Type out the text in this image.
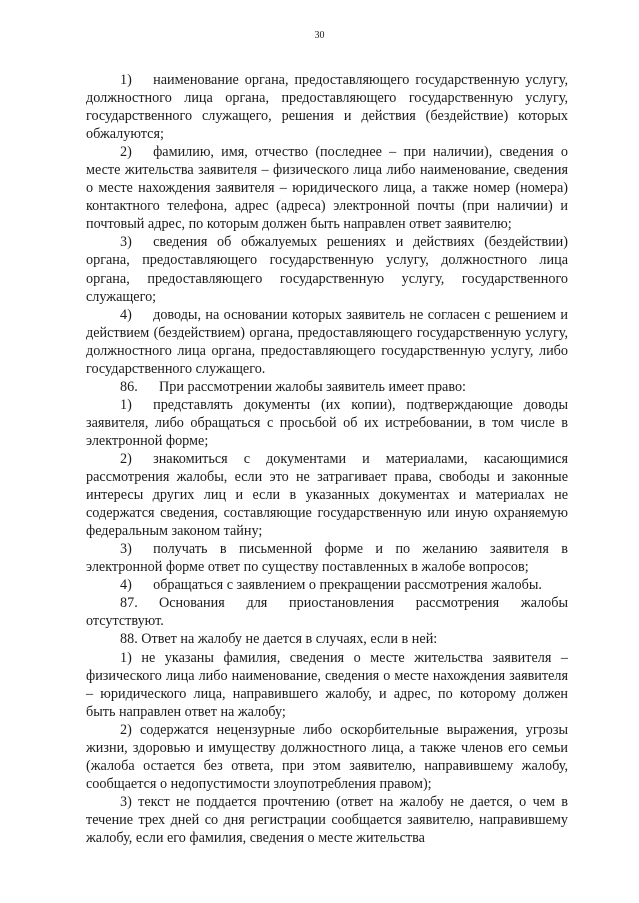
30

1)  наименование органа, предоставляющего государственную услугу, должностного лица органа, предоставляющего государственную услугу, государственного служащего, решения и действия (бездействие) которых обжалуются;

2)  фамилию, имя, отчество (последнее – при наличии), сведения о месте жительства заявителя – физического лица либо наименование, сведения о месте нахождения заявителя – юридического лица, а также номер (номера) контактного телефона, адрес (адреса) электронной почты (при наличии) и почтовый адрес, по которым должен быть направлен ответ заявителю;

3)  сведения об обжалуемых решениях и действиях (бездействии) органа, предоставляющего государственную услугу, должностного лица органа, предоставляющего государственную услугу, государственного служащего;

4)  доводы, на основании которых заявитель не согласен с решением и действием (бездействием) органа, предоставляющего государственную услугу, должностного лица органа, предоставляющего государственную услугу, либо государственного служащего.

86.  При рассмотрении жалобы заявитель имеет право:

1)  представлять документы (их копии), подтверждающие доводы заявителя, либо обращаться с просьбой об их истребовании, в том числе в электронной форме;

2)  знакомиться с документами и материалами, касающимися рассмотрения жалобы, если это не затрагивает права, свободы и законные интересы других лиц и если в указанных документах и материалах не содержатся сведения, составляющие государственную или иную охраняемую федеральным законом тайну;

3)  получать в письменной форме и по желанию заявителя в электронной форме ответ по существу поставленных в жалобе вопросов;

4)  обращаться с заявлением о прекращении рассмотрения жалобы.

87.  Основания для приостановления рассмотрения жалобы отсутствуют.

88. Ответ на жалобу не дается в случаях, если в ней:

1) не указаны фамилия, сведения о месте жительства заявителя – физического лица либо наименование, сведения о месте нахождения заявителя – юридического лица, направившего жалобу, и адрес, по которому должен быть направлен ответ на жалобу;

2) содержатся нецензурные либо оскорбительные выражения, угрозы жизни, здоровью и имуществу должностного лица, а также членов его семьи (жалоба остается без ответа, при этом заявителю, направившему жалобу, сообщается о недопустимости злоупотребления правом);

3) текст не поддается прочтению (ответ на жалобу не дается, о чем в течение трех дней со дня регистрации сообщается заявителю, направившему жалобу, если его фамилия, сведения о месте жительства
